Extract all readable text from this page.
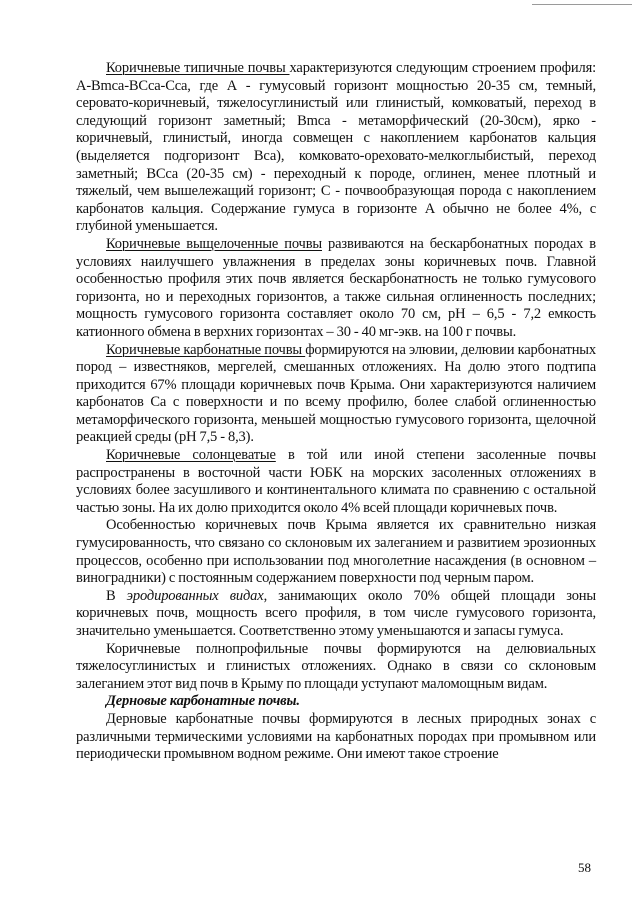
Коричневые типичные почвы характеризуются следующим строением профиля: А-Bmca-BCca-Cca, где А - гумусовый горизонт мощностью 20-35 см, темный, серовато-коричневый, тяжелосуглинистый или глинистый, комковатый, переход в следующий горизонт заметный; Bmca - метаморфический (20-30см), ярко - коричневый, глинистый, иногда совмещен с накоплением карбонатов кальция (выделяется подгоризонт Вса), комковато-ореховато-мелкоглыбистый, переход заметный; BCca (20-35 см) - переходный к породе, оглинен, менее плотный и тяжелый, чем вышележащий горизонт; С - почвообразующая порода с накоплением карбонатов кальция. Содержание гумуса в горизонте А обычно не более 4%, с глубиной уменьшается.

Коричневые выщелоченные почвы развиваются на бескарбонатных породах в условиях наилучшего увлажнения в пределах зоны коричневых почв. Главной особенностью профиля этих почв является бескарбонатность не только гумусового горизонта, но и переходных горизонтов, а также сильная оглиненность последних; мощность гумусового горизонта составляет около 70 см, pH – 6,5 - 7,2 емкость катионного обмена в верхних горизонтах – 30 - 40 мг-экв. на 100 г почвы.

Коричневые карбонатные почвы формируются на элювии, делювии карбонатных пород – известняков, мергелей, смешанных отложениях. На долю этого подтипа приходится 67% площади коричневых почв Крыма. Они характеризуются наличием карбонатов Са с поверхности и по всему профилю, более слабой оглиненностью метаморфического горизонта, меньшей мощностью гумусового горизонта, щелочной реакцией среды (pH 7,5 - 8,3).

Коричневые солонцеватые в той или иной степени засоленные почвы распространены в восточной части ЮБК на морских засоленных отложениях в условиях более засушливого и континентального климата по сравнению с остальной частью зоны. На их долю приходится около 4% всей площади коричневых почв.

Особенностью коричневых почв Крыма является их сравнительно низкая гумусированность, что связано со склоновым их залеганием и развитием эрозионных процессов, особенно при использовании под многолетние насаждения (в основном – виноградники) с постоянным содержанием поверхности под черным паром.

В эродированных видах, занимающих около 70% общей площади зоны коричневых почв, мощность всего профиля, в том числе гумусового горизонта, значительно уменьшается. Соответственно этому уменьшаются и запасы гумуса.

Коричневые полнопрофильные почвы формируются на делювиальных тяжелосуглинистых и глинистых отложениях. Однако в связи со склоновым залеганием этот вид почв в Крыму по площади уступают маломощным видам.

Дерновые карбонатные почвы.

Дерновые карбонатные почвы формируются в лесных природных зонах с различными термическими условиями на карбонатных породах при промывном или периодически промывном водном режиме. Они имеют такое строение

58
